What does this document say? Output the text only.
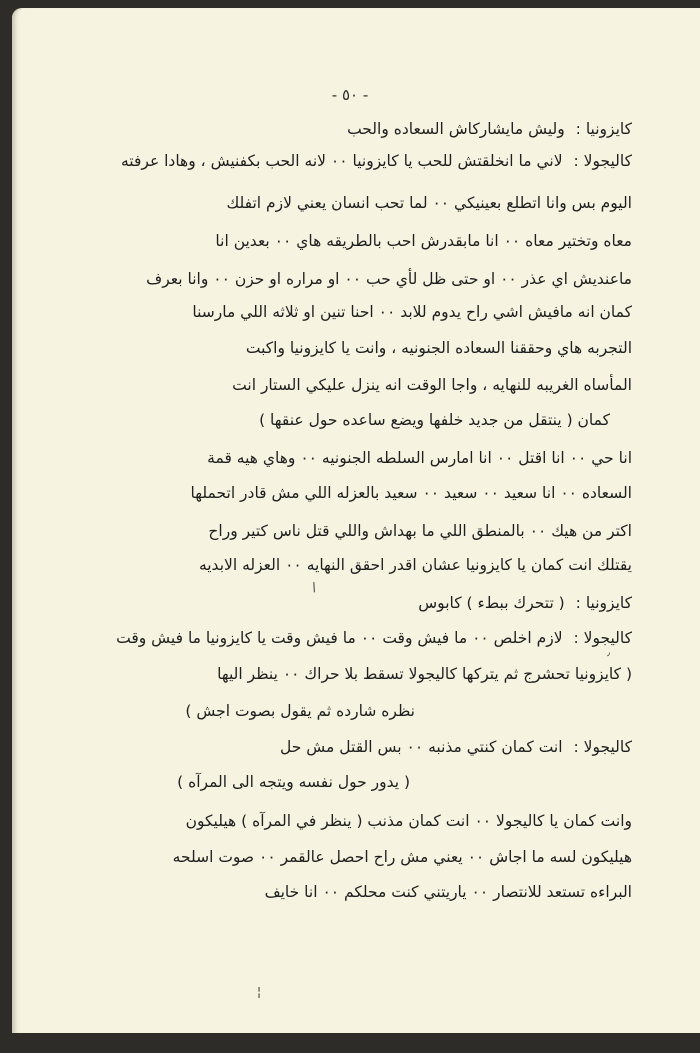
- ٥٠ -
كايزونيا : وليش مايشاركاش السعاده والحب
كاليجولا : لاني ما انخلقتش للحب يا كايزونيا ٠٠ لانه الحب بكفنيش ، وهادا عرفته
اليوم بس وانا اتطلع بعينيكي ٠٠ لما تحب انسان يعني لازم اتفلك
معاه وتختير معاه ٠٠ انا مابقدرش احب بالطريقه هاي ٠٠ بعدين انا
ماعنديش اي عذر ٠٠ او حتى ظل لأي حب ٠٠ او مراره او حزن ٠٠ وانا بعرف
كمان انه مافيش اشي راح يدوم للابد ٠٠ احنا تنين او ثلاثه اللي مارسنا
التجربه هاي وحققنا السعاده الجنونيه ، وانت يا كايزونيا واكبت
المأساه الغريبه للنهايه ، واجا الوقت انه ينزل عليكي الستار انت
كمان ( ينتقل من جديد خلفها ويضع ساعده حول عنقها )
انا حي ٠٠ انا اقتل ٠٠ انا امارس السلطه الجنونيه ٠٠ وهاي هيه قمة
السعاده ٠٠ انا سعيد ٠٠ سعيد ٠٠ سعيد بالعزله اللي مش قادر اتحملها
اكتر من هيك ٠٠ بالمنطق اللي ما بهداش واللي قتل ناس كتير وراح
يقتلك انت كمان يا كايزونيا عشان اقدر احقق النهايه ٠٠ العزله الابديه
كايزونيا : ( تتحرك ببطء ) كابوس
كاليجولا : لازم اخلص ٠٠ ما فيش وقت ٠٠ ما فيش وقت يا كايزونيا ما فيش وقت
( كايزونيا تحشرج ثم يتركها كاليجولا تسقط بلا حراك ٠٠ ينظر اليها
نظره شارده ثم يقول بصوت اجش )
كاليجولا : انت كمان كنتي مذنبه ٠٠ بس القتل مش حل
( يدور حول نفسه ويتجه الى المرآه )
وانت كمان يا كاليجولا ٠٠ انت كمان مذنب ( ينظر في المرآه ) هيليكون
هيليكون لسه ما اجاش ٠٠ يعني مش راح احصل عالقمر ٠٠ صوت اسلحه
البراءه تستعد للانتصار ٠٠ ياريتني كنت محلكم ٠٠ انا خايف
/
٫
¦
